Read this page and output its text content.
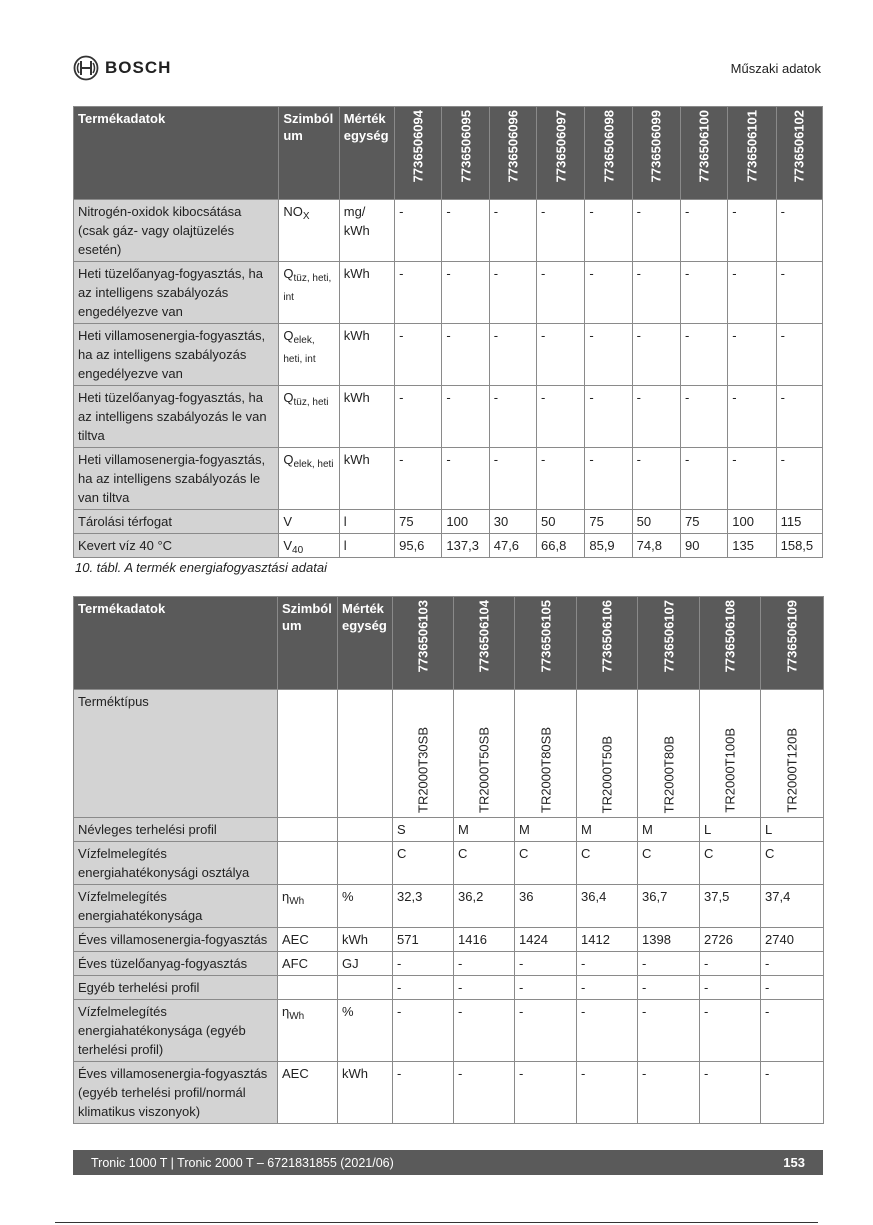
BOSCH	Műszaki adatok
Termékadatok	Szimból um	Mérték egység	7736506094	7736506095	7736506096	7736506097	7736506098	7736506099	7736506100	7736506101	7736506102

Nitrogén-oxidok kibocsátása (csak gáz- vagy olajtüzelés esetén)	$NO_X$	mg/ kWh	-	-	-	-	-	-	-	-	-
Heti tüzelőanyag-fogyasztás, ha az intelligens szabályozás engedélyezve van	$Q_{tüz, heti, int}$	kWh	-	-	-	-	-	-	-	-	-
Heti villamosenergia-fogyasztás, ha az intelligens szabályozás engedélyezve van	$Q_{elek, heti, int}$	kWh	-	-	-	-	-	-	-	-	-
Heti tüzelőanyag-fogyasztás, ha az intelligens szabályozás le van tiltva	$Q_{tüz, heti}$	kWh	-	-	-	-	-	-	-	-	-
Heti villamosenergia-fogyasztás, ha az intelligens szabályozás le van tiltva	$Q_{elek, heti}$	kWh	-	-	-	-	-	-	-	-	-
Tárolási térfogat	V	l	75	100	30	50	75	50	75	100	115
Kevert víz 40 °C	$V_{40}$	l	95,6	137,3	47,6	66,8	85,9	74,8	90	135	158,5
10. tábl. A termék energiafogyasztási adatai
Termékadatok	Szimból um	Mérték egység	7736506103	7736506104	7736506105	7736506106	7736506107	7736506108	7736506109

Terméktípus			TR2000T30SB	TR2000T50SB	TR2000T80SB	TR2000T50B	TR2000T80B	TR2000T100B	TR2000T120B

Névleges terhelési profil			S	M	M	M	M	L	L
Vízfelmelegítés energiahatékonysági osztálya			C	C	C	C	C	C	C
Vízfelmelegítés energiahatékonysága	$\eta_{Wh}$	%	32,3	36,2	36	36,4	36,7	37,5	37,4
Éves villamosenergia-fogyasztás	AEC	kWh	571	1416	1424	1412	1398	2726	2740
Éves tüzelőanyag-fogyasztás	AFC	GJ	-	-	-	-	-	-	-
Egyéb terhelési profil			-	-	-	-	-	-	-
Vízfelmelegítés energiahatékonysága (egyéb terhelési profil)	$\eta_{Wh}$	%	-	-	-	-	-	-	-
Éves villamosenergia-fogyasztás (egyéb terhelési profil/normál klimatikus viszonyok)	AEC	kWh	-	-	-	-	-	-	-
Tronic 1000 T | Tronic 2000 T – 6721831855 (2021/06)	153
